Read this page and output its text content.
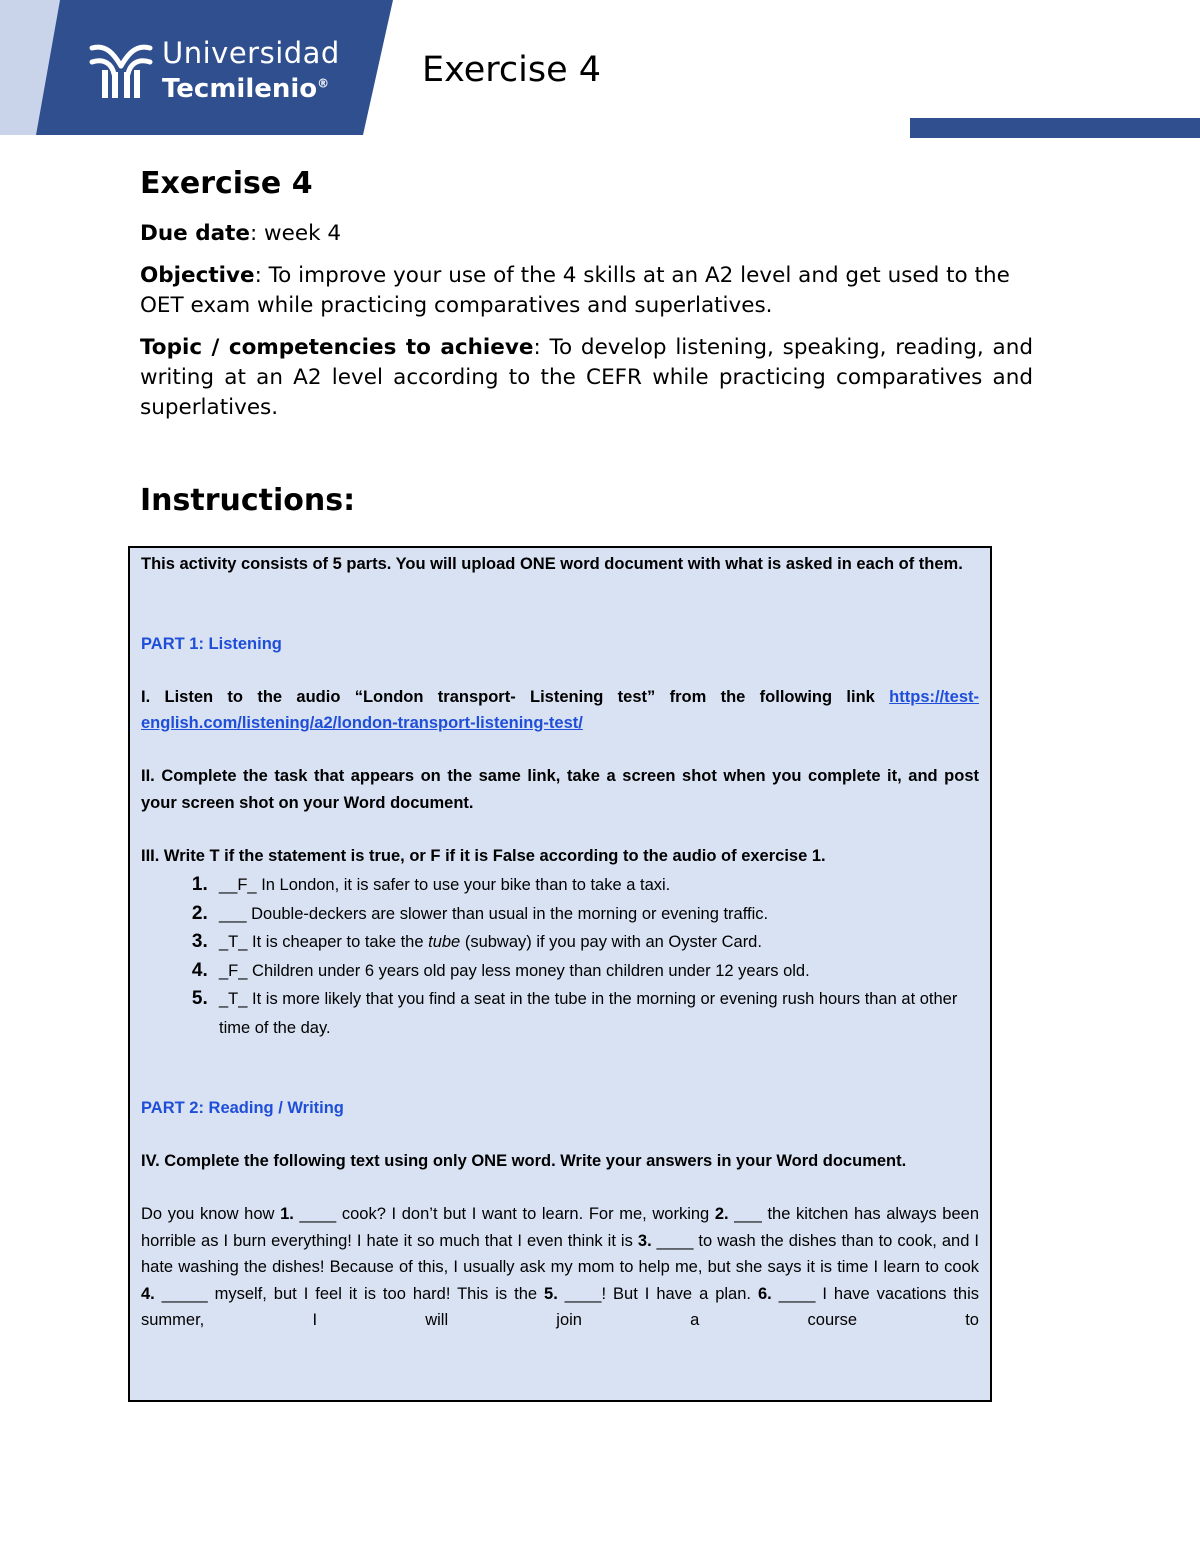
Universidad
Tecmilenio®	Exercise 4
Exercise 4

Due date: week 4

Objective: To improve your use of the 4 skills at an A2 level and get used to the OET exam while practicing comparatives and superlatives.

Topic / competencies to achieve: To develop listening, speaking, reading, and writing at an A2 level according to the CEFR while practicing comparatives and superlatives.

Instructions:

This activity consists of 5 parts. You will upload ONE word document with what is asked in each of them.

PART 1: Listening

I. Listen to the audio “London transport- Listening test” from the following link https://test-english.com/listening/a2/london-transport-listening-test/

II. Complete the task that appears on the same link, take a screen shot when you complete it, and post your screen shot on your Word document.

III. Write T if the statement is true, or F if it is False according to the audio of exercise 1.

1. __F_ In London, it is safer to use your bike than to take a taxi.
2. ___ Double-deckers are slower than usual in the morning or evening traffic.
3. _T_ It is cheaper to take the tube (subway) if you pay with an Oyster Card.
4. _F_ Children under 6 years old pay less money than children under 12 years old.
5. _T_ It is more likely that you find a seat in the tube in the morning or evening rush hours than at other time of the day.

PART 2: Reading / Writing

IV. Complete the following text using only ONE word. Write your answers in your Word document.

Do you know how 1. ____ cook? I don’t but I want to learn. For me, working 2. ___ the kitchen has always been horrible as I burn everything! I hate it so much that I even think it is 3. ____ to wash the dishes than to cook, and I hate washing the dishes! Because of this, I usually ask my mom to help me, but she says it is time I learn to cook 4. _____ myself, but I feel it is too hard! This is the 5. ____! But I have a plan. 6. ____ I have vacations this summer, I will join a course to
